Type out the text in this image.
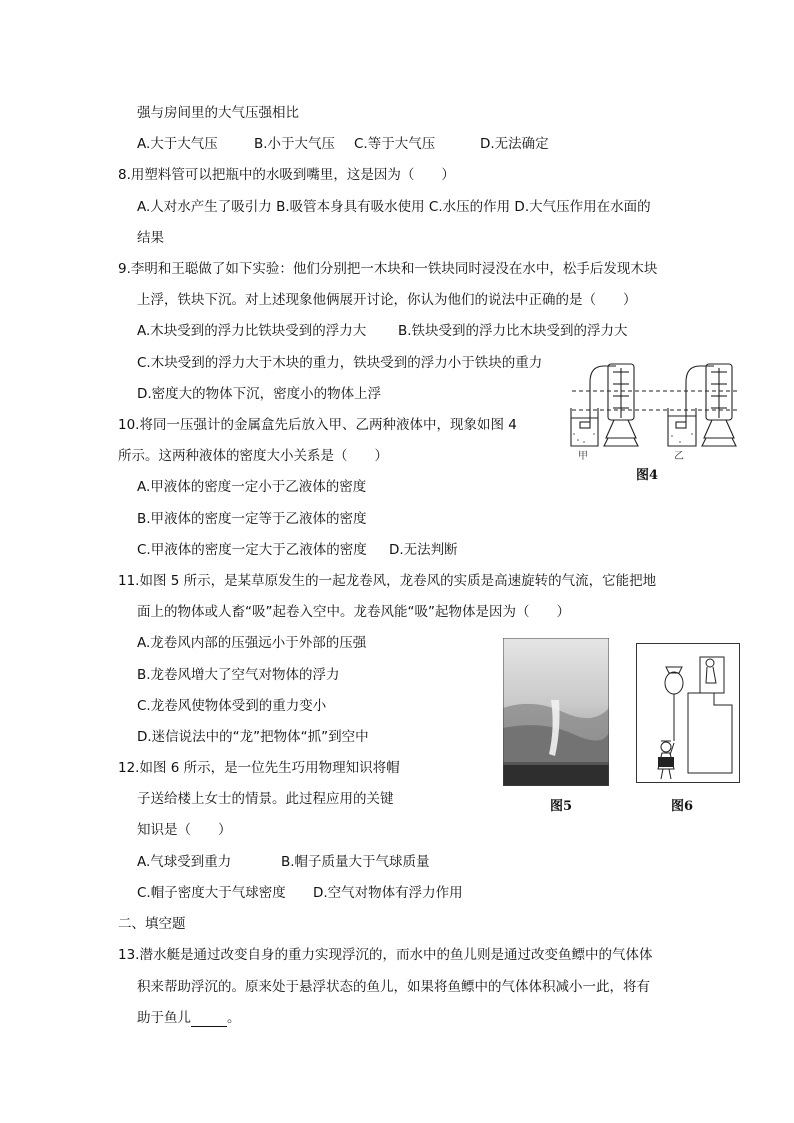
强与房间里的大气压强相比
A.大于大气压	B.小于大气压 C.等于大气压	D.无法确定
8.用塑料管可以把瓶中的水吸到嘴里，这是因为（　　）
A.人对水产生了吸引力 B.吸管本身具有吸水使用 C.水压的作用 D.大气压作用在水面的
结果
9.李明和王聪做了如下实验：他们分别把一木块和一铁块同时浸没在水中，松手后发现木块
上浮，铁块下沉。对上述现象他俩展开讨论，你认为他们的说法中正确的是（　　）
A.木块受到的浮力比铁块受到的浮力大 B.铁块受到的浮力比木块受到的浮力大
C.木块受到的浮力大于木块的重力，铁块受到的浮力小于铁块的重力
D.密度大的物体下沉，密度小的物体上浮
甲	乙
图4
10.将同一压强计的金属盒先后放入甲、乙两种液体中，现象如图 4
所示。这两种液体的密度大小关系是（　　）
A.甲液体的密度一定小于乙液体的密度
B.甲液体的密度一定等于乙液体的密度
C.甲液体的密度一定大于乙液体的密度 D.无法判断
11.如图 5 所示，是某草原发生的一起龙卷风，龙卷风的实质是高速旋转的气流，它能把地
面上的物体或人畜“吸”起卷入空中。龙卷风能“吸”起物体是因为（　　）
A.龙卷风内部的压强远小于外部的压强
B.龙卷风增大了空气对物体的浮力
C.龙卷风使物体受到的重力变小
D.迷信说法中的“龙”把物体“抓”到空中
图5	图6
12.如图 6 所示，是一位先生巧用物理知识将帽
子送给楼上女士的情景。此过程应用的关键
知识是（　　）
A.气球受到重力	B.帽子质量大于气球质量
C.帽子密度大于气球密度 D.空气对物体有浮力作用
二、填空题
13.潜水艇是通过改变自身的重力实现浮沉的，而水中的鱼儿则是通过改变鱼鳔中的气体体
积来帮助浮沉的。原来处于悬浮状态的鱼儿，如果将鱼鳔中的气体体积减小一此，将有
助于鱼儿	。
